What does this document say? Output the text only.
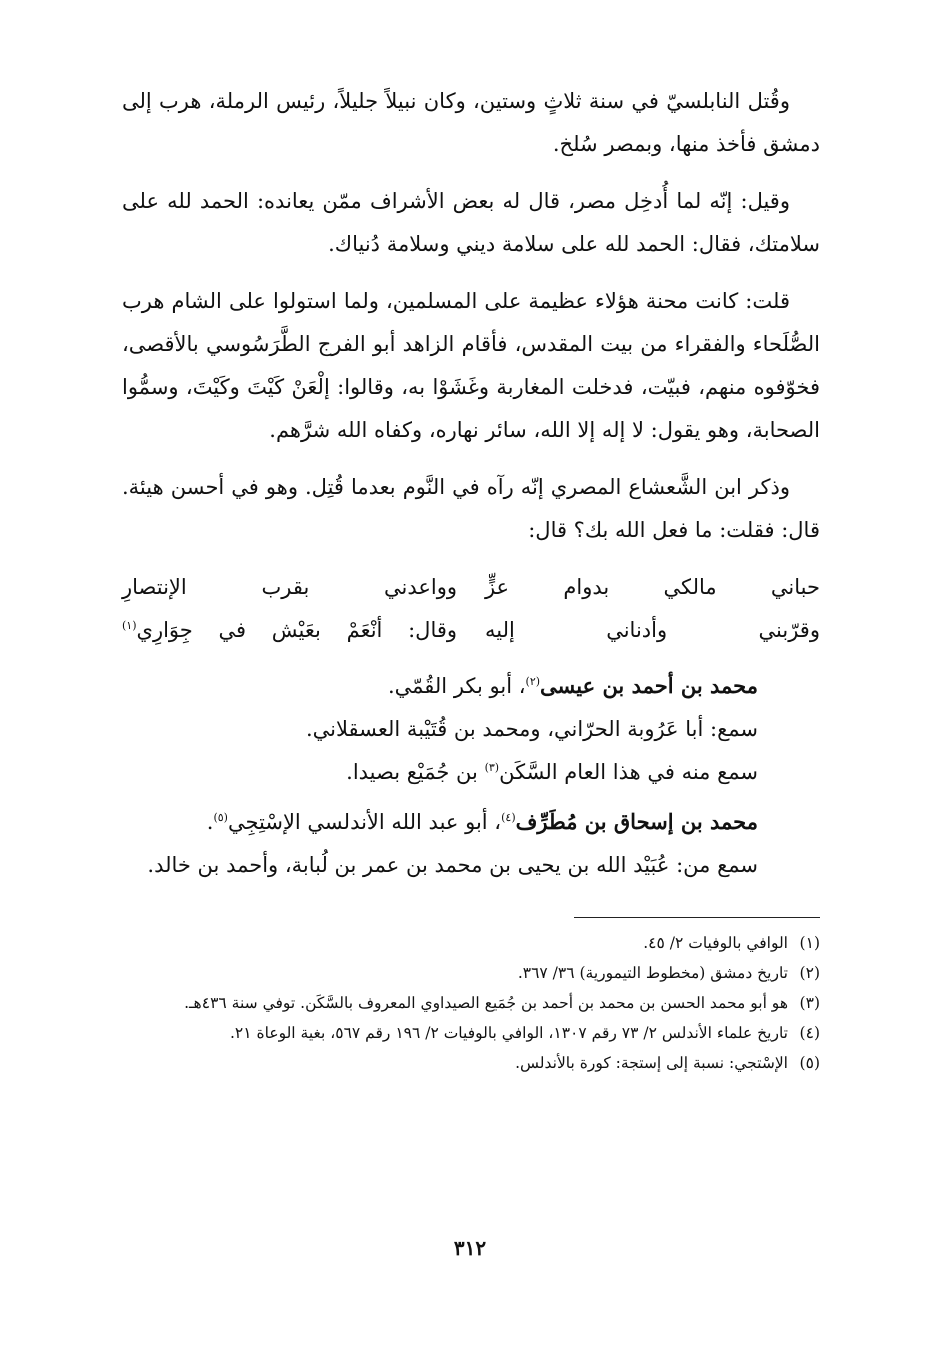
وقُتل النابلسيّ في سنة ثلاثٍ وستين، وكان نبيلاً جليلاً، رئيس الرملة، هرب إلى دمشق فأخذ منها، وبمصر سُلخ.

وقيل: إنّه لما أُدخِل مصر، قال له بعض الأشراف ممّن يعانده: الحمد لله على سلامتك، فقال: الحمد لله على سلامة ديني وسلامة دُنياك.

قلت: كانت محنة هؤلاء عظيمة على المسلمين، ولما استولوا على الشام هرب الصُّلَحاء والفقراء من بيت المقدس، فأقام الزاهد أبو الفرج الطَّرَسُوسي بالأقصى، فخوّفوه منهم، فبيّت، فدخلت المغاربة وغَشَوْا به، وقالوا: إلْعَنْ كَيْتَ وكَيْتَ، وسمُّوا الصحابة، وهو يقول: لا إله إلا الله، سائر نهاره، وكفاه الله شرَّهم.

وذكر ابن الشَّعشاع المصري إنّه رآه في النَّوم بعدما قُتِل. وهو في أحسن هيئة. قال: فقلت: ما فعل الله بك؟ قال:

حباني مالكي بدوام عزٍّ
وواعدني بقرب الإنتصارِ
وقرّبني وأدناني إليه
وقال: أنْعَمْ بعَيْش في جِوَارِي$^{(١)}$
محمد بن أحمد بن عيسى$^{(٢)}$، أبو بكر القُمّي.
سمع: أبا عَرُوبة الحرّاني، ومحمد بن قُتَيْبة العسقلاني.
سمع منه في هذا العام السَّكَن$^{(٣)}$ بن جُمَيْع بصيدا.
محمد بن إسحاق بن مُطَرِّف$^{(٤)}$، أبو عبد الله الأندلسي الإسْتِجِي$^{(٥)}$.
سمع من: عُبَيْد الله بن يحيى بن محمد بن عمر بن لُبابة، وأحمد بن خالد.
(١)
الوافي بالوفيات ٢/ ٤٥.
(٢)
تاريخ دمشق (مخطوط التيمورية) ٣٦/ ٣٦٧.
(٣)
هو أبو محمد الحسن بن محمد بن أحمد بن جُمَيع الصيداوي المعروف بالسَّكَن. توفي سنة ٤٣٦هـ.
(٤)
تاريخ علماء الأندلس ٢/ ٧٣ رقم ١٣٠٧، الوافي بالوفيات ٢/ ١٩٦ رقم ٥٦٧، بغية الوعاة ٢١.
(٥)
الإسْتجي: نسبة إلى إستجة: كورة بالأندلس.
٣١٢
